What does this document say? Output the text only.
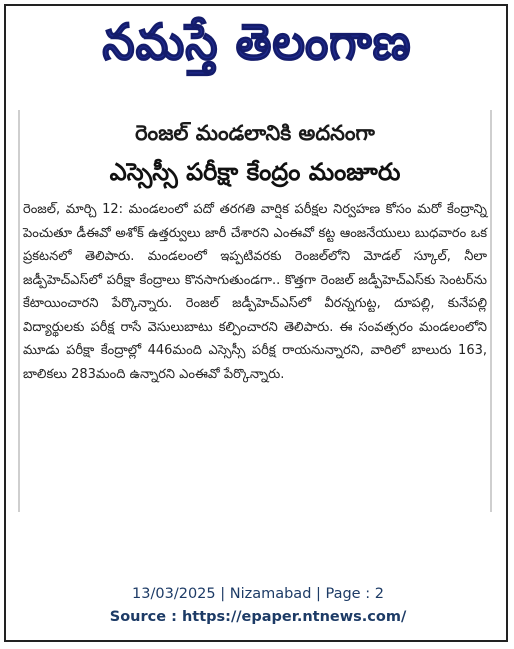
నమస్తే తెలంగాణ
రెంజల్ మండలానికి అదనంగా
ఎస్సెస్సీ పరీక్షా కేంద్రం మంజూరు

రెంజల్, మార్చి 12: మండలంలో పదో తరగతి వార్షిక పరీక్షల నిర్వహణ కోసం మరో కేంద్రాన్ని పెంచుతూ డీఈవో అశోక్ ఉత్తర్వులు జారీ చేశారని ఎంఈవో కట్ట ఆంజనేయులు బుధవారం ఒక ప్రకటనలో తెలిపారు. మండలంలో ఇప్పటివరకు రెంజల్‌లోని మోడల్ స్కూల్, నీలా జడ్పీహెచ్ఎస్‌లో పరీక్షా కేంద్రాలు కొనసాగుతుండగా.. కొత్తగా రెంజల్ జడ్పీహెచ్ఎస్‌కు సెంటర్‌ను కేటాయించారని పేర్కొన్నారు. రెంజల్ జడ్పీహెచ్ఎస్‌లో వీరన్నగుట్ట, దూపల్లి, కునేపల్లి విద్యార్థులకు పరీక్ష రాసే వెసులుబాటు కల్పించారని తెలిపారు. ఈ సంవత్సరం మండలంలోని మూడు పరీక్షా కేంద్రాల్లో 446మంది ఎస్సెస్సీ పరీక్ష రాయనున్నారని, వారిలో బాలురు 163, బాలికలు 283మంది ఉన్నారని ఎంఈవో పేర్కొన్నారు.

13/03/2025 | Nizamabad | Page : 2
Source : https://epaper.ntnews.com/
